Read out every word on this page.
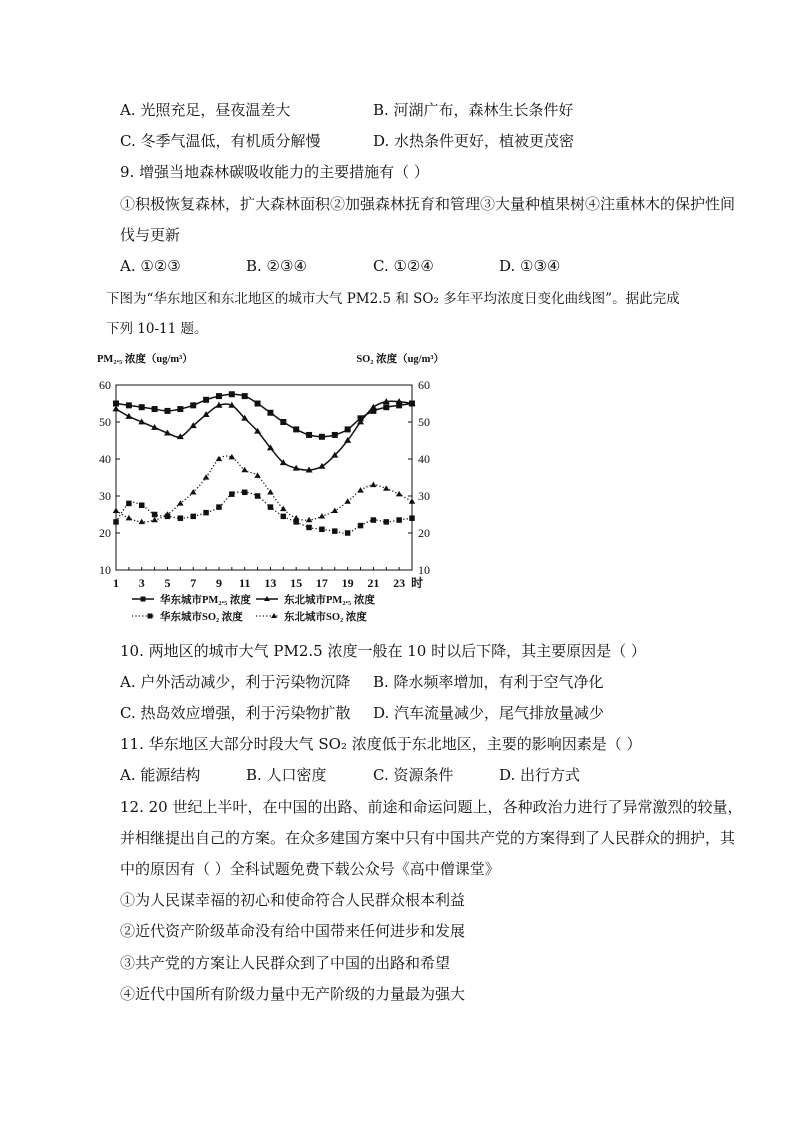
A. 光照充足，昼夜温差大	B. 河湖广布，森林生长条件好
C. 冬季气温低，有机质分解慢	D. 水热条件更好，植被更茂密
9. 增强当地森林碳吸收能力的主要措施有（ ）
①积极恢复森林，扩大森林面积②加强森林抚育和管理③大量种植果树④注重林木的保护性间
伐与更新
A. ①②③	B. ②③④	C. ①②④	D. ①③④
下图为“华东地区和东北地区的城市大气 PM2.5 和 SO₂ 多年平均浓度日变化曲线图”。据此完成
下列 10-11 题。
PM₂.₅ 浓度（ug/m³）	SO₂ 浓度（ug/m³）
10	10
20	20
30	30
40	40
50	50
60	60
1 3 5 7 9 11 13 15 17 19 21 23 时
华东城市PM₂.₅ 浓度	东北城市PM₂.₅ 浓度
华东城市SO₂ 浓度	东北城市SO₂ 浓度
10. 两地区的城市大气 PM2.5 浓度一般在 10 时以后下降，其主要原因是（ ）
A. 户外活动减少，利于污染物沉降 B. 降水频率增加，有利于空气净化
C. 热岛效应增强，利于污染物扩散 D. 汽车流量减少，尾气排放量减少
11. 华东地区大部分时段大气 SO₂ 浓度低于东北地区，主要的影响因素是（ ）
A. 能源结构	B. 人口密度	C. 资源条件	D. 出行方式
12. 20 世纪上半叶，在中国的出路、前途和命运问题上，各种政治力进行了异常激烈的较量，
并相继提出自己的方案。在众多建国方案中只有中国共产党的方案得到了人民群众的拥护，其
中的原因有（ ）全科试题免费下载公众号《高中僧课堂》
①为人民谋幸福的初心和使命符合人民群众根本利益
②近代资产阶级革命没有给中国带来任何进步和发展
③共产党的方案让人民群众到了中国的出路和希望
④近代中国所有阶级力量中无产阶级的力量最为强大
